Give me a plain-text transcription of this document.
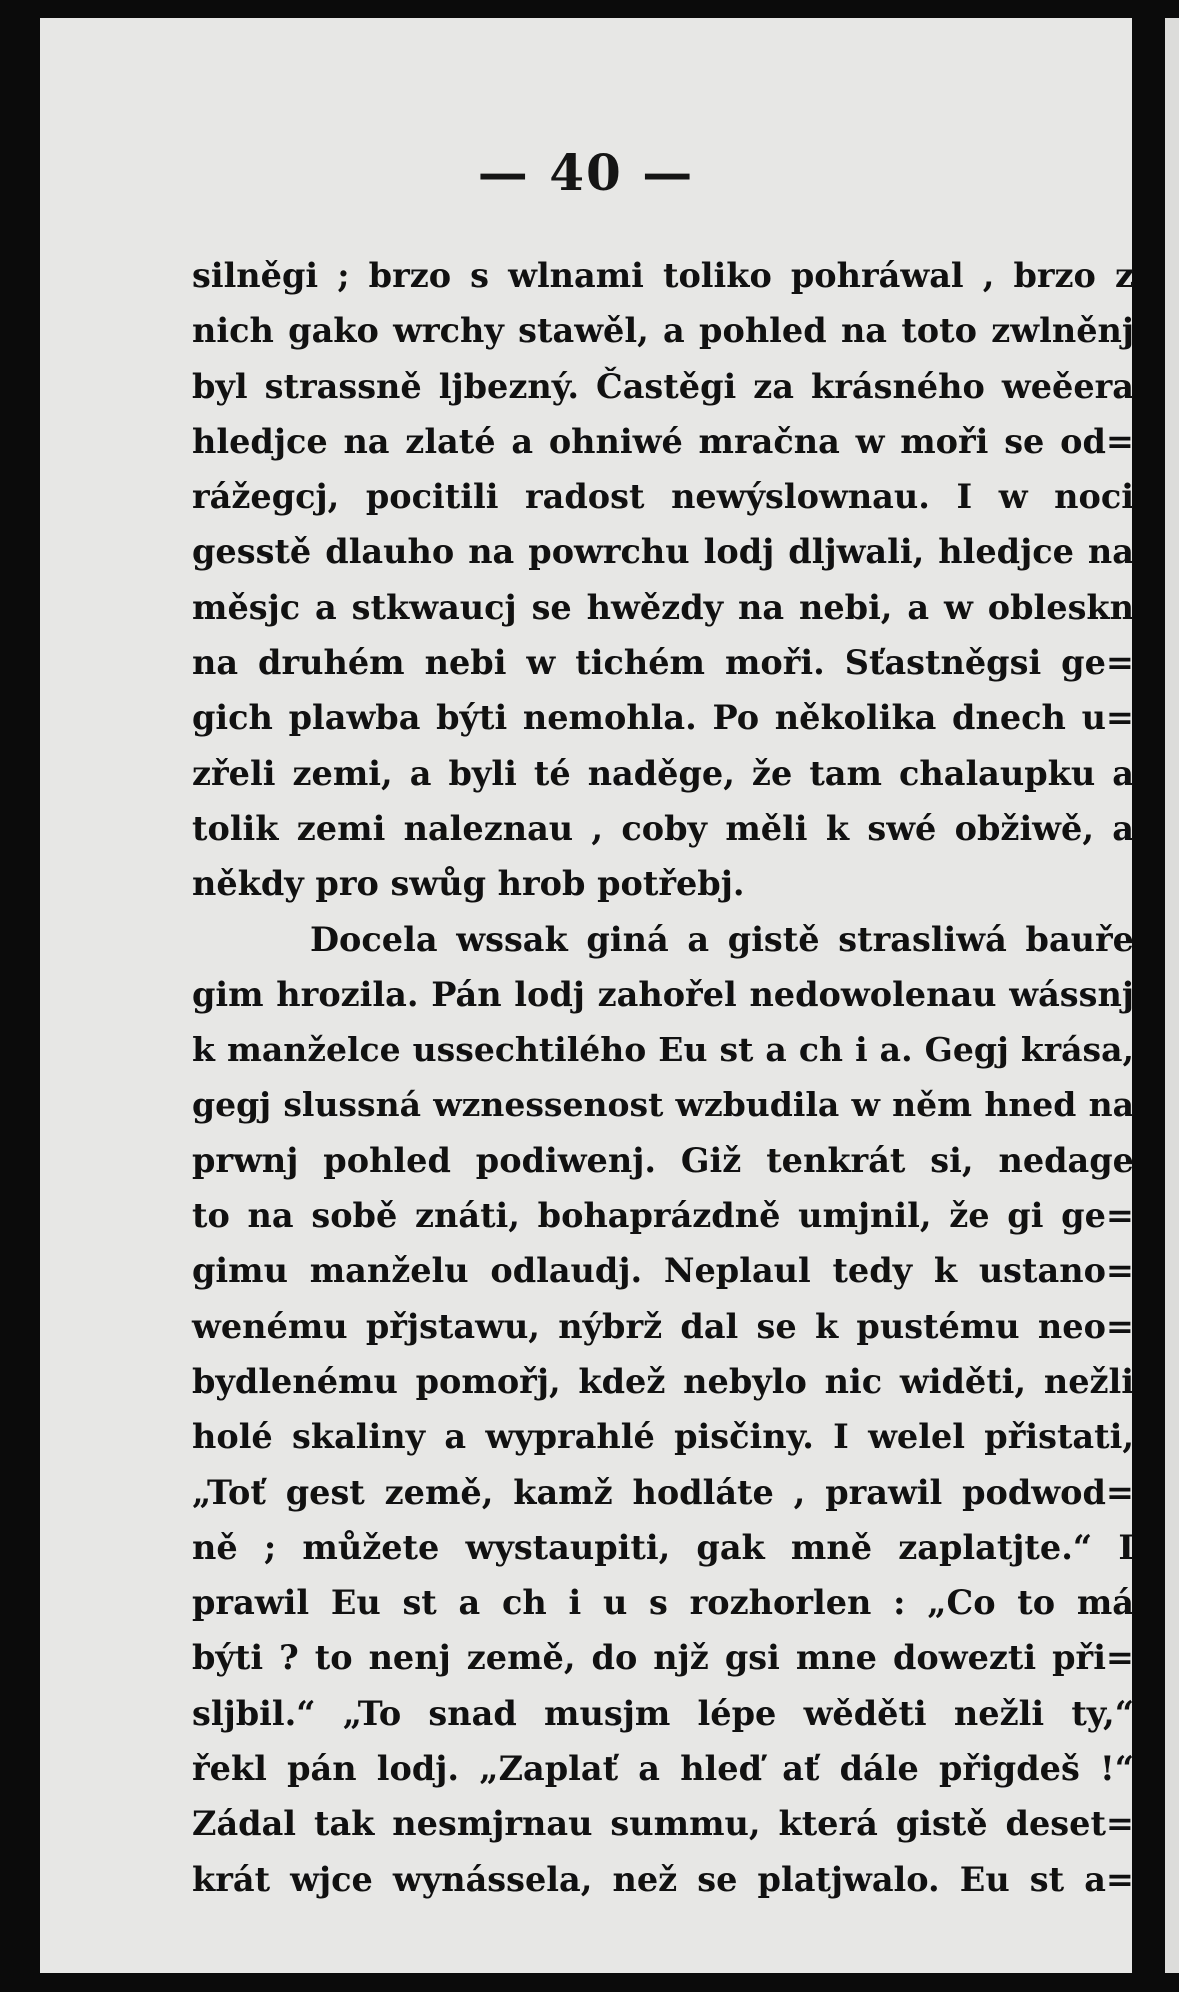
— 40 —
silněgi ; brzo s wlnami toliko pohráwal , brzo z
nich gako wrchy stawěl, a pohled na toto zwlněnj
byl strassně ljbezný. Častěgi za krásného weěera
hledjce na zlaté a ohniwé mračna w moři se od=
rážegcj, pocitili radost newýslownau. I w noci
gesstě dlauho na powrchu lodj dljwali, hledjce na
měsjc a stkwaucj se hwězdy na nebi, a w obleskn
na druhém nebi w tichém moři. Sťastněgsi ge=
gich plawba býti nemohla. Po několika dnech u=
zřeli zemi, a byli té naděge, že tam chalaupku a
tolik zemi naleznau , coby měli k swé obžiwě, a
někdy pro swůg hrob potřebj.
Docela wssak giná a gistě strasliwá bauře
gim hrozila. Pán lodj zahořel nedowolenau wássnj
k manželce ussechtilého Eu st a ch i a. Gegj krása,
gegj slussná wznessenost wzbudila w něm hned na
prwnj pohled podiwenj. Giž tenkrát si, nedage
to na sobě znáti, bohaprázdně umjnil, že gi ge=
gimu manželu odlaudj. Neplaul tedy k ustano=
wenému přjstawu, nýbrž dal se k pustému neo=
bydlenému pomořj, kdež nebylo nic widěti, nežli
holé skaliny a wyprahlé pisčiny. I welel přistati,
„Toť gest země, kamž hodláte , prawil podwod=
ně ; můžete wystaupiti, gak mně zaplatjte.“ I
prawil Eu st a ch i u s rozhorlen : „Co to má
býti ? to nenj země, do njž gsi mne dowezti při=
sljbil.“ „To snad musjm lépe wěděti nežli ty,“
řekl pán lodj. „Zaplať a hleď ať dále přigdeš !“
Zádal tak nesmjrnau summu, která gistě deset=
krát wjce wynássela, než se platjwalo. Eu st a=
